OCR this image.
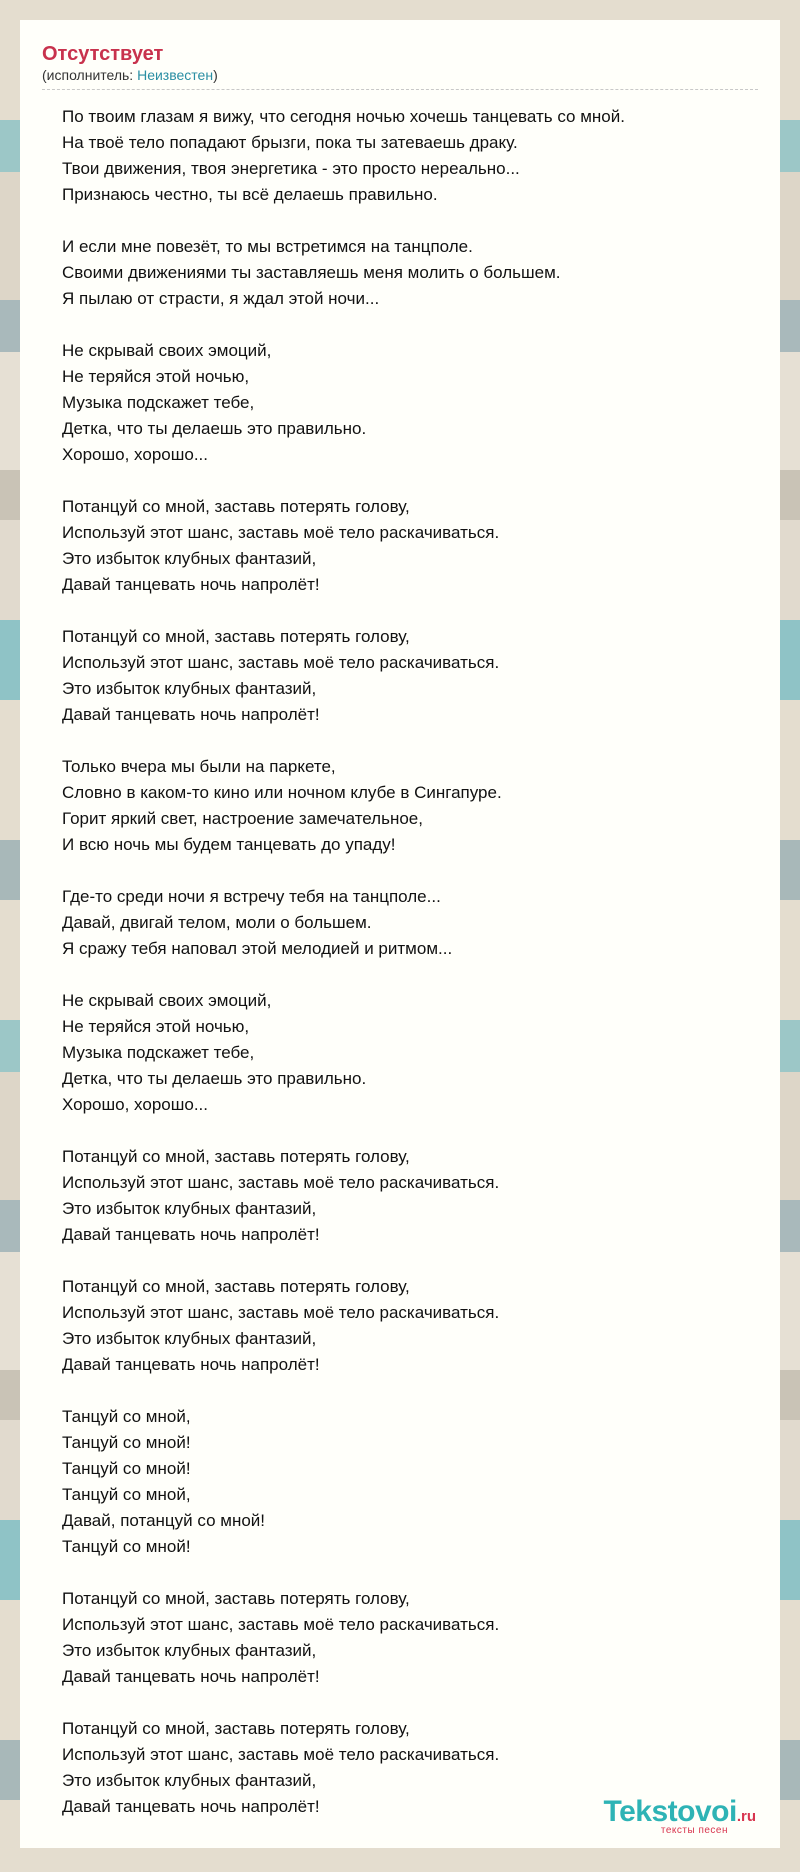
Отсутствует
(исполнитель: Неизвестен)
По твоим глазам я вижу, что сегодня ночью хочешь танцевать со мной.
На твоё тело попадают брызги, пока ты затеваешь драку.
Твои движения, твоя энергетика - это просто нереально...
Признаюсь честно, ты всё делаешь правильно.
И если мне повезёт, то мы встретимся на танцполе.
Своими движениями ты заставляешь меня молить о большем.
Я пылаю от страсти, я ждал этой ночи...
Не скрывай своих эмоций,
Не теряйся этой ночью,
Музыка подскажет тебе,
Детка, что ты делаешь это правильно.
Хорошо, хорошо...
Потанцуй со мной, заставь потерять голову,
Используй этот шанс, заставь моё тело раскачиваться.
Это избыток клубных фантазий,
Давай танцевать ночь напролёт!
Потанцуй со мной, заставь потерять голову,
Используй этот шанс, заставь моё тело раскачиваться.
Это избыток клубных фантазий,
Давай танцевать ночь напролёт!
Только вчера мы были на паркете,
Словно в каком-то кино или ночном клубе в Сингапуре.
Горит яркий свет, настроение замечательное,
И всю ночь мы будем танцевать до упаду!
Где-то среди ночи я встречу тебя на танцполе...
Давай, двигай телом, моли о большем.
Я сражу тебя наповал этой мелодией и ритмом...
Не скрывай своих эмоций,
Не теряйся этой ночью,
Музыка подскажет тебе,
Детка, что ты делаешь это правильно.
Хорошо, хорошо...
Потанцуй со мной, заставь потерять голову,
Используй этот шанс, заставь моё тело раскачиваться.
Это избыток клубных фантазий,
Давай танцевать ночь напролёт!
Потанцуй со мной, заставь потерять голову,
Используй этот шанс, заставь моё тело раскачиваться.
Это избыток клубных фантазий,
Давай танцевать ночь напролёт!
Танцуй со мной,
Танцуй со мной!
Танцуй со мной!
Танцуй со мной,
Давай, потанцуй со мной!
Танцуй со мной!
Потанцуй со мной, заставь потерять голову,
Используй этот шанс, заставь моё тело раскачиваться.
Это избыток клубных фантазий,
Давай танцевать ночь напролёт!
Потанцуй со мной, заставь потерять голову,
Используй этот шанс, заставь моё тело раскачиваться.
Это избыток клубных фантазий,
Давай танцевать ночь напролёт!	Tekstovoi.ru
тексты песен
